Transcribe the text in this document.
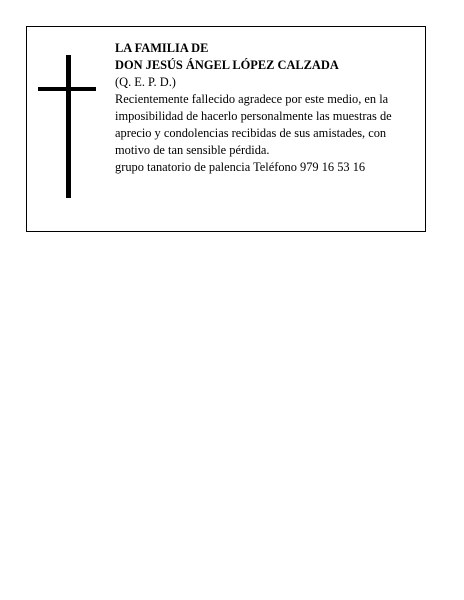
LA FAMILIA DE
DON JESÚS ÁNGEL LÓPEZ CALZADA
(Q. E. P. D.)
Recientemente fallecido agradece por este medio, en la imposibilidad de hacerlo personalmente las muestras de aprecio y condolencias recibidas de sus amistades, con motivo de tan sensible pérdida.
grupo tanatorio de palencia Teléfono 979 16 53 16
